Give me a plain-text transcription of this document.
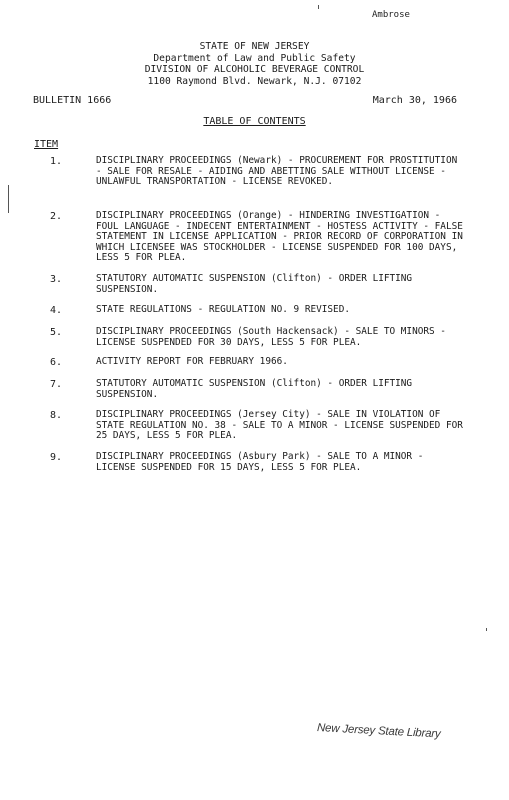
Ambrose
STATE OF NEW JERSEY
Department of Law and Public Safety
DIVISION OF ALCOHOLIC BEVERAGE CONTROL
1100 Raymond Blvd. Newark, N.J. 07102
BULLETIN 1666	March 30, 1966
TABLE OF CONTENTS
ITEM
1.	DISCIPLINARY PROCEEDINGS (Newark) - PROCUREMENT FOR PROSTITUTION - SALE FOR RESALE - AIDING AND ABETTING SALE WITHOUT LICENSE - UNLAWFUL TRANSPORTATION - LICENSE REVOKED.
2.	DISCIPLINARY PROCEEDINGS (Orange) - HINDERING INVESTIGATION - FOUL LANGUAGE - INDECENT ENTERTAINMENT - HOSTESS ACTIVITY - FALSE STATEMENT IN LICENSE APPLICATION - PRIOR RECORD OF CORPORATION IN WHICH LICENSEE WAS STOCKHOLDER - LICENSE SUSPENDED FOR 100 DAYS, LESS 5 FOR PLEA.
3.	STATUTORY AUTOMATIC SUSPENSION (Clifton) - ORDER LIFTING SUSPENSION.
4.	STATE REGULATIONS - REGULATION NO. 9 REVISED.
5.	DISCIPLINARY PROCEEDINGS (South Hackensack) - SALE TO MINORS - LICENSE SUSPENDED FOR 30 DAYS, LESS 5 FOR PLEA.
6.	ACTIVITY REPORT FOR FEBRUARY 1966.
7.	STATUTORY AUTOMATIC SUSPENSION (Clifton) - ORDER LIFTING SUSPENSION.
8.	DISCIPLINARY PROCEEDINGS (Jersey City) - SALE IN VIOLATION OF STATE REGULATION NO. 38 - SALE TO A MINOR - LICENSE SUSPENDED FOR 25 DAYS, LESS 5 FOR PLEA.
9.	DISCIPLINARY PROCEEDINGS (Asbury Park) - SALE TO A MINOR - LICENSE SUSPENDED FOR 15 DAYS, LESS 5 FOR PLEA.
New Jersey State Library
